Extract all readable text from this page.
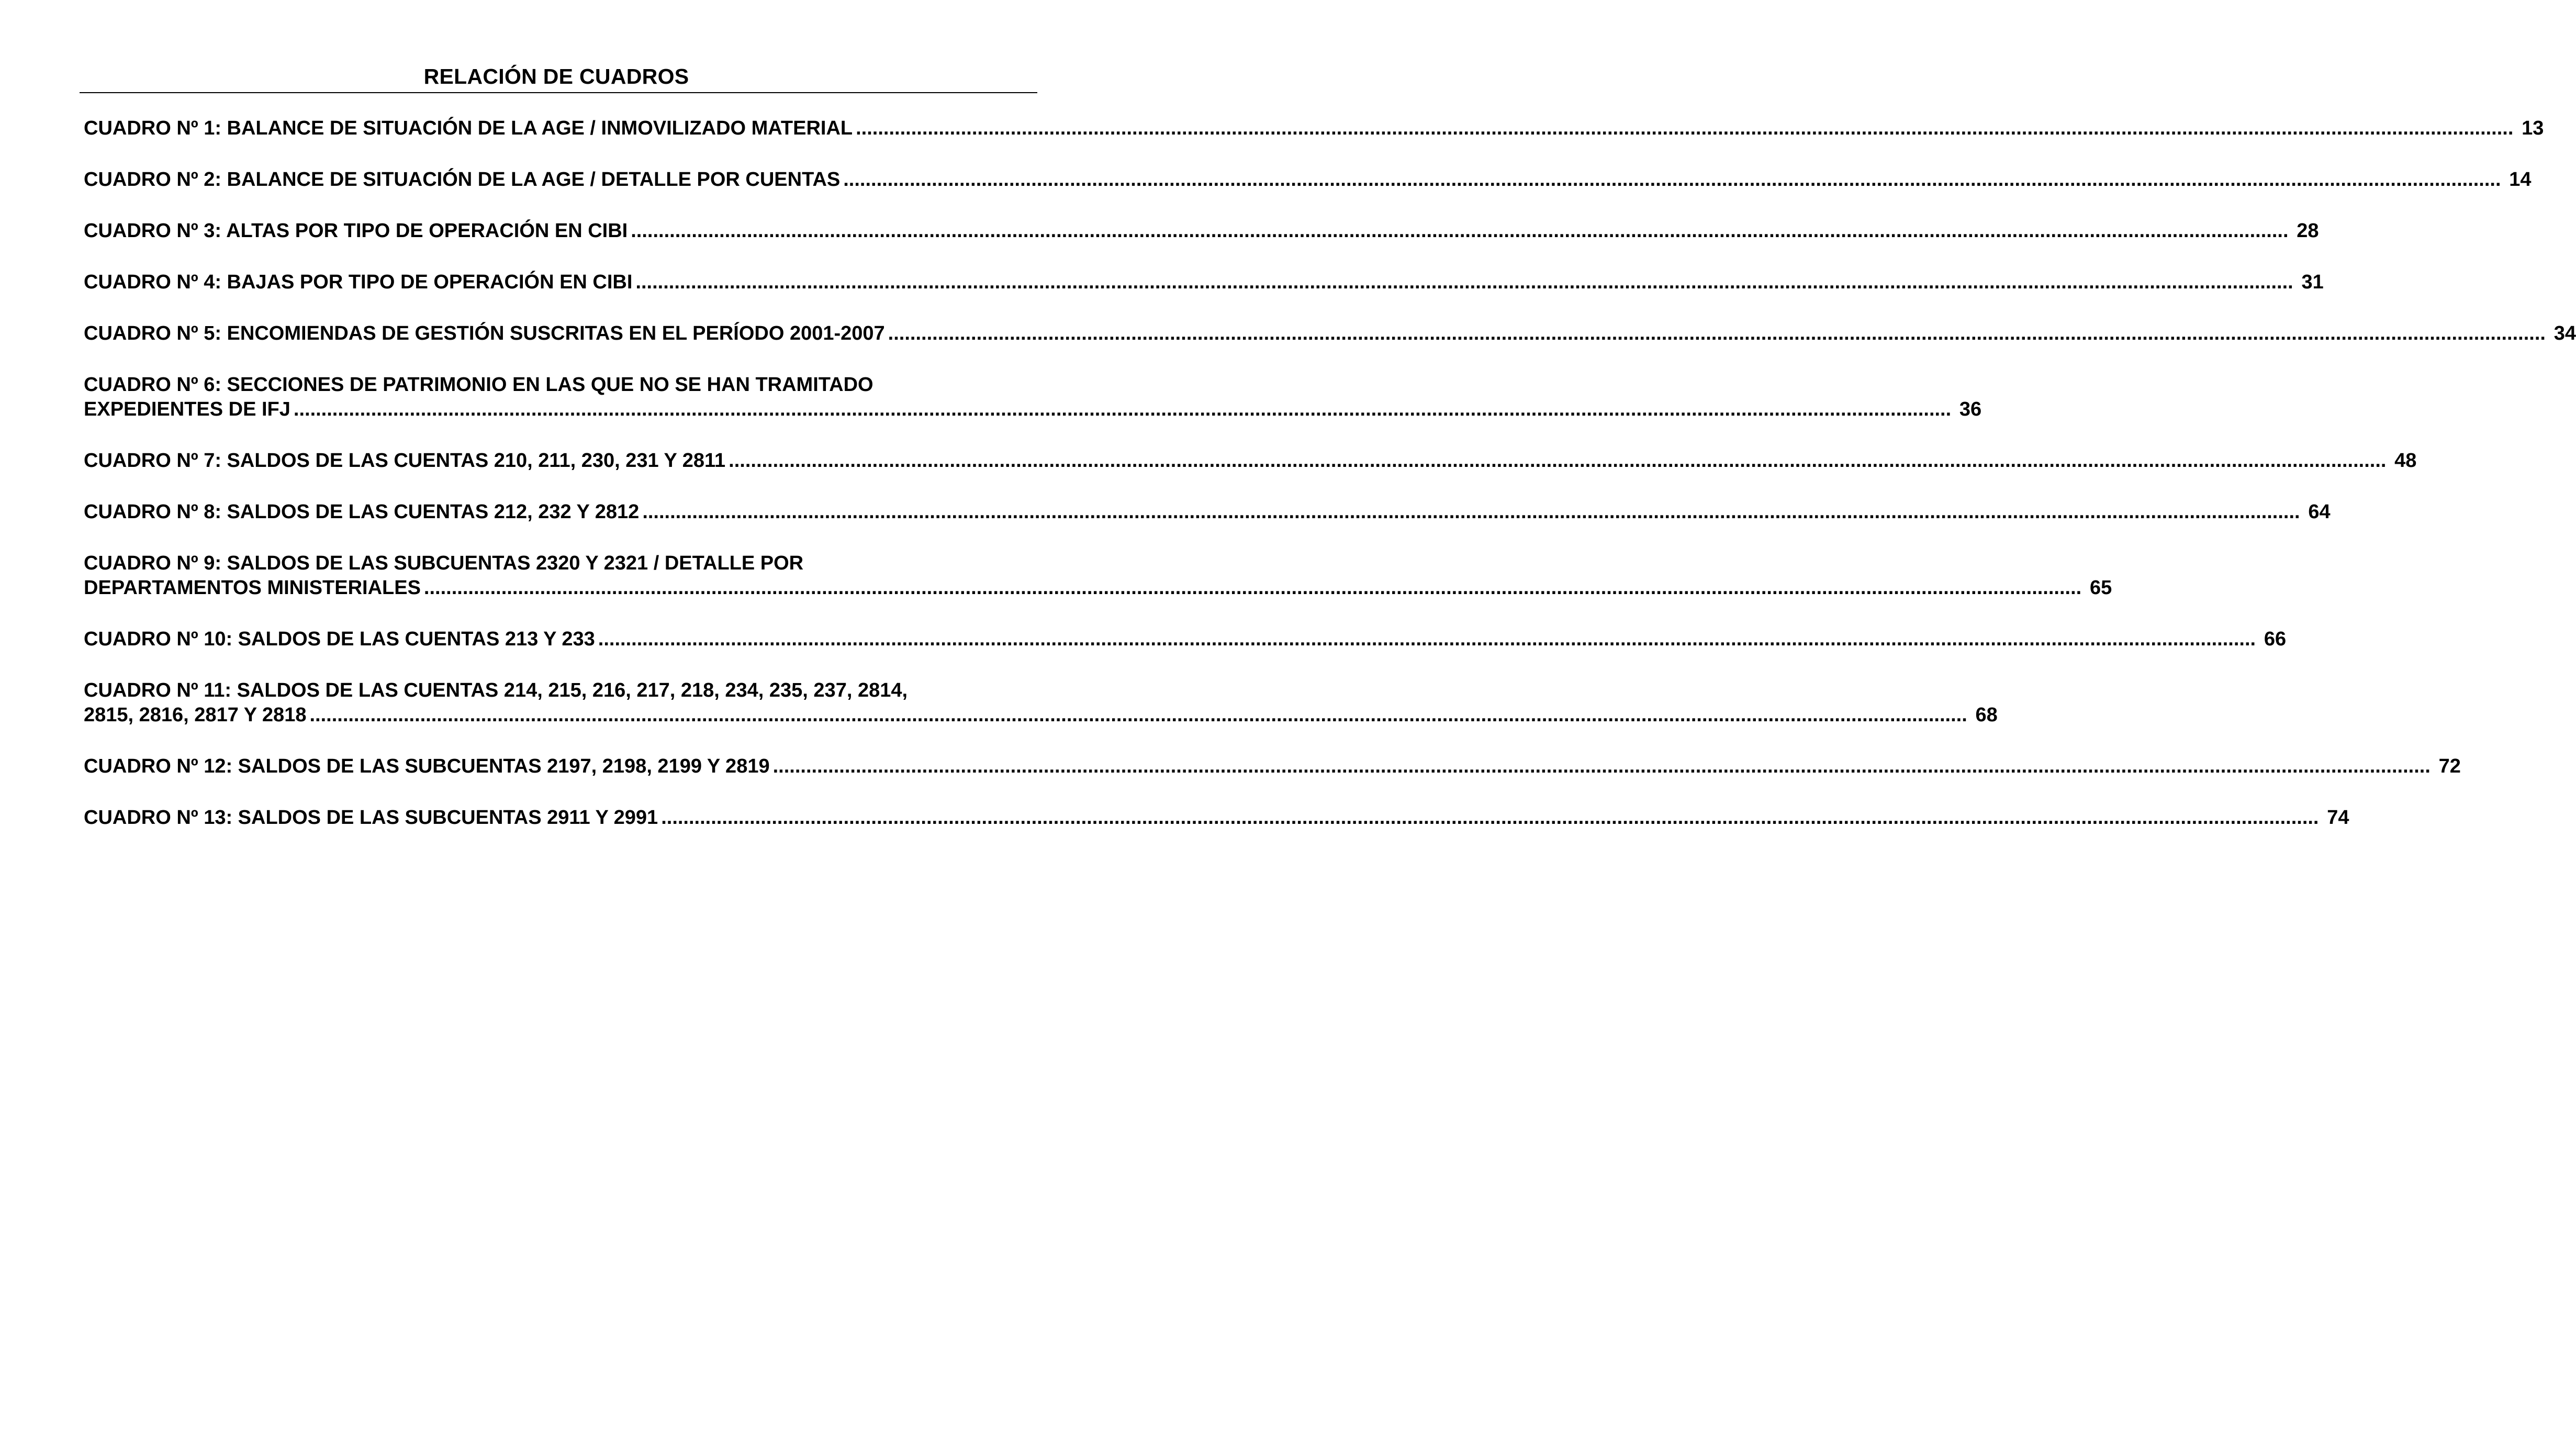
RELACIÓN DE CUADROS
CUADRO Nº 1: BALANCE DE SITUACIÓN DE LA AGE / INMOVILIZADO MATERIAL ............................................................................................................................................................................................................................................................................................................ 13
CUADRO Nº 2: BALANCE DE SITUACIÓN DE LA AGE / DETALLE POR CUENTAS ............................................................................................................................................................................................................................................................................................................ 14
CUADRO Nº 3: ALTAS POR TIPO DE OPERACIÓN EN CIBI ............................................................................................................................................................................................................................................................................................................ 28
CUADRO Nº 4: BAJAS POR TIPO DE OPERACIÓN EN CIBI ............................................................................................................................................................................................................................................................................................................ 31
CUADRO Nº 5: ENCOMIENDAS DE GESTIÓN SUSCRITAS EN EL PERÍODO 2001-2007 ............................................................................................................................................................................................................................................................................................................ 34
CUADRO Nº 6: SECCIONES DE PATRIMONIO EN LAS QUE NO SE HAN TRAMITADO
EXPEDIENTES DE IFJ ............................................................................................................................................................................................................................................................................................................ 36
CUADRO Nº 7: SALDOS DE LAS CUENTAS 210, 211, 230, 231 Y 2811 ............................................................................................................................................................................................................................................................................................................ 48
CUADRO Nº 8: SALDOS DE LAS CUENTAS 212, 232 Y 2812 ............................................................................................................................................................................................................................................................................................................ 64
CUADRO Nº 9: SALDOS DE LAS SUBCUENTAS 2320 Y 2321 / DETALLE POR
DEPARTAMENTOS MINISTERIALES ............................................................................................................................................................................................................................................................................................................ 65
CUADRO Nº 10: SALDOS DE LAS CUENTAS 213 Y 233 ............................................................................................................................................................................................................................................................................................................ 66
CUADRO Nº 11: SALDOS DE LAS CUENTAS 214, 215, 216, 217, 218, 234, 235, 237, 2814,
2815, 2816, 2817 Y 2818 ............................................................................................................................................................................................................................................................................................................ 68
CUADRO Nº 12: SALDOS DE LAS SUBCUENTAS 2197, 2198, 2199 Y 2819 ............................................................................................................................................................................................................................................................................................................ 72
CUADRO Nº 13: SALDOS DE LAS SUBCUENTAS 2911 Y 2991 ............................................................................................................................................................................................................................................................................................................ 74
